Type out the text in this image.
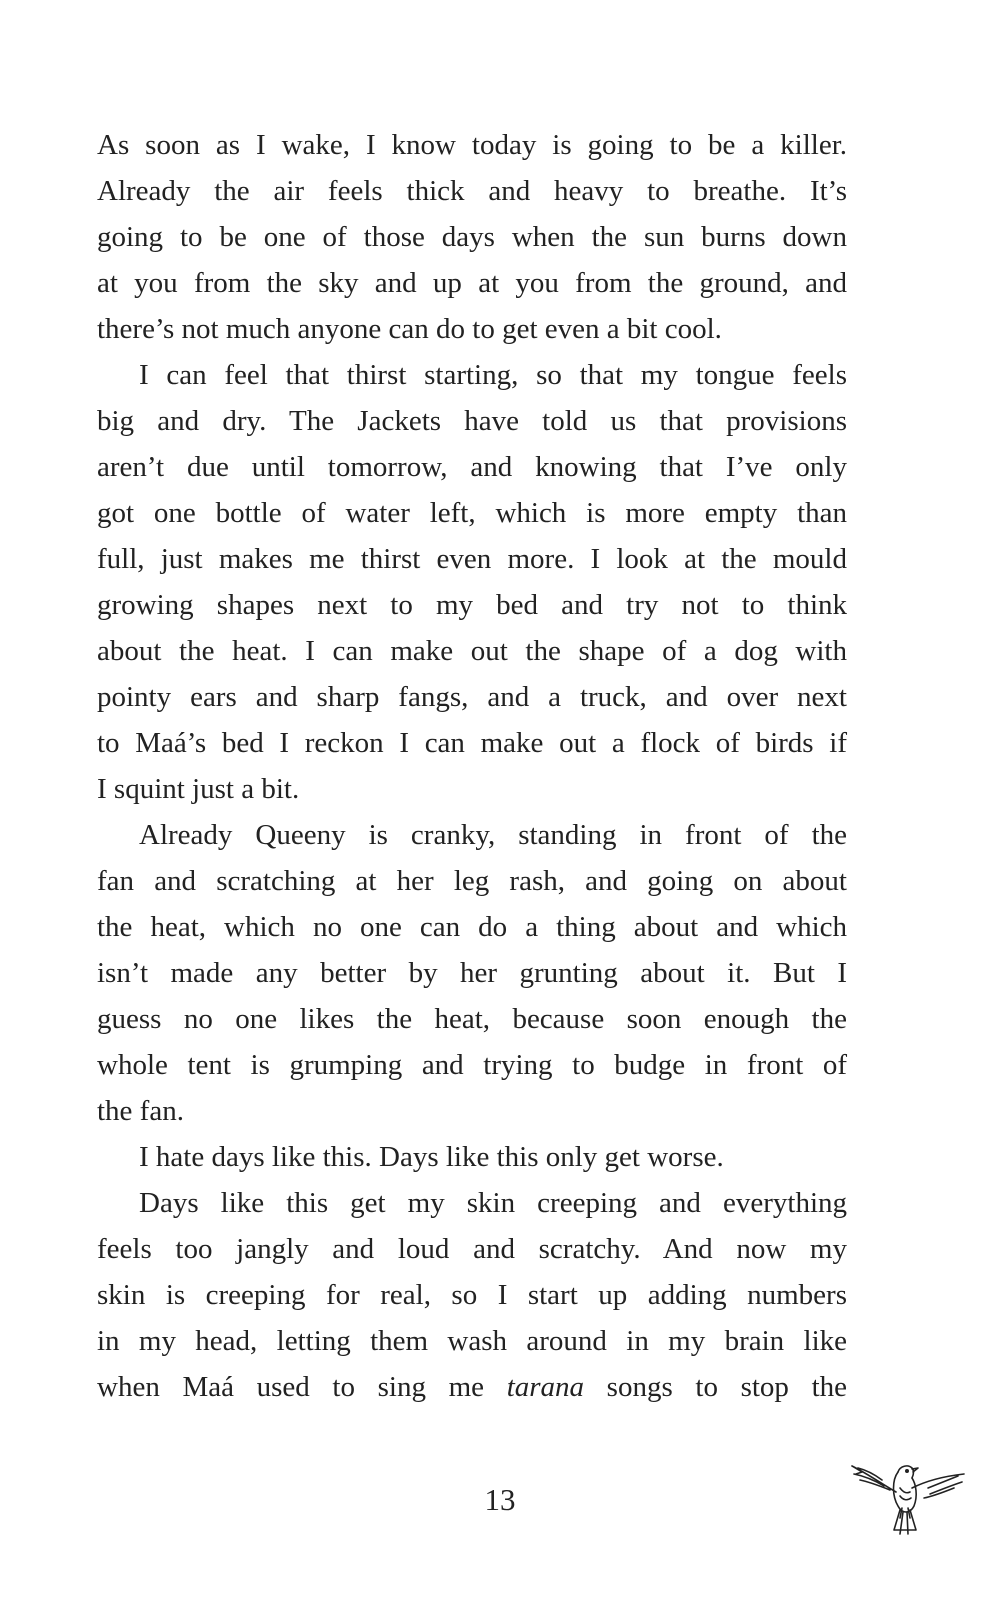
As soon as I wake, I know today is going to be a killer.
Already the air feels thick and heavy to breathe. It’s
going to be one of those days when the sun burns down
at you from the sky and up at you from the ground, and
there’s not much anyone can do to get even a bit cool.
I can feel that thirst starting, so that my tongue feels
big and dry. The Jackets have told us that provisions
aren’t due until tomorrow, and knowing that I’ve only
got one bottle of water left, which is more empty than
full, just makes me thirst even more. I look at the mould
growing shapes next to my bed and try not to think
about the heat. I can make out the shape of a dog with
pointy ears and sharp fangs, and a truck, and over next
to Maá’s bed I reckon I can make out a flock of birds if
I squint just a bit.
Already Queeny is cranky, standing in front of the
fan and scratching at her leg rash, and going on about
the heat, which no one can do a thing about and which
isn’t made any better by her grunting about it. But I
guess no one likes the heat, because soon enough the
whole tent is grumping and trying to budge in front of
the fan.
I hate days like this. Days like this only get worse.
Days like this get my skin creeping and everything
feels too jangly and loud and scratchy. And now my
skin is creeping for real, so I start up adding numbers
in my head, letting them wash around in my brain like
when Maá used to sing me tarana songs to stop the
13
